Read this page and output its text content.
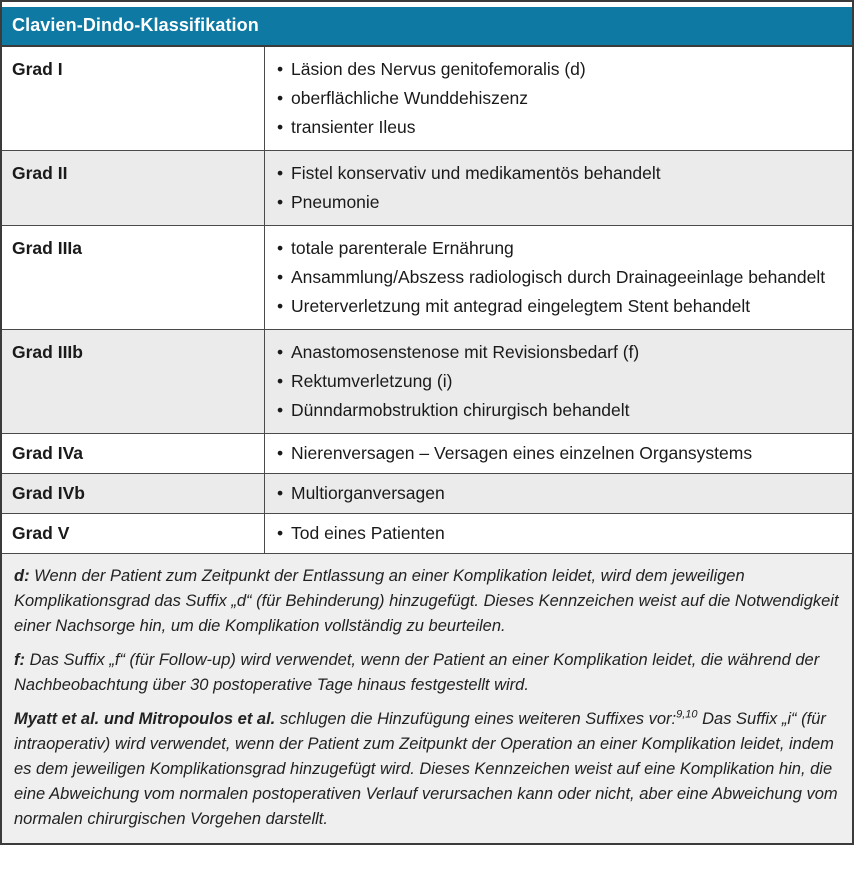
Clavien-Dindo-Klassifikation
Grad I	• Läsion des Nervus genitofemoralis (d)
• oberflächliche Wunddehiszenz
• transienter Ileus
Grad II	• Fistel konservativ und medikamentös behandelt
• Pneumonie
Grad IIIa	• totale parenterale Ernährung
• Ansammlung/Abszess radiologisch durch Drainageeinlage behandelt
• Ureterverletzung mit antegrad eingelegtem Stent behandelt
Grad IIIb	• Anastomosenstenose mit Revisionsbedarf (f)
• Rektumverletzung (i)
• Dünndarmobstruktion chirurgisch behandelt
Grad IVa	• Nierenversagen – Versagen eines einzelnen Organsystems
Grad IVb	• Multiorganversagen
Grad V	• Tod eines Patienten

d: Wenn der Patient zum Zeitpunkt der Entlassung an einer Komplikation leidet, wird dem jeweiligen Komplikationsgrad das Suffix „d“ (für Behinderung) hinzugefügt. Dieses Kennzeichen weist auf die Notwendigkeit einer Nachsorge hin, um die Komplikation vollständig zu beurteilen.

f: Das Suffix „f“ (für Follow-up) wird verwendet, wenn der Patient an einer Komplikation leidet, die während der Nachbeobachtung über 30 postoperative Tage hinaus festgestellt wird.

Myatt et al. und Mitropoulos et al. schlugen die Hinzufügung eines weiteren Suffixes vor:$^{9,10}$ Das Suffix „i“ (für intraoperativ) wird verwendet, wenn der Patient zum Zeitpunkt der Operation an einer Komplikation leidet, indem es dem jeweiligen Komplikationsgrad hinzugefügt wird. Dieses Kennzeichen weist auf eine Komplikation hin, die eine Abweichung vom normalen postoperativen Verlauf verursachen kann oder nicht, aber eine Abweichung vom normalen chirurgischen Vorgehen darstellt.
